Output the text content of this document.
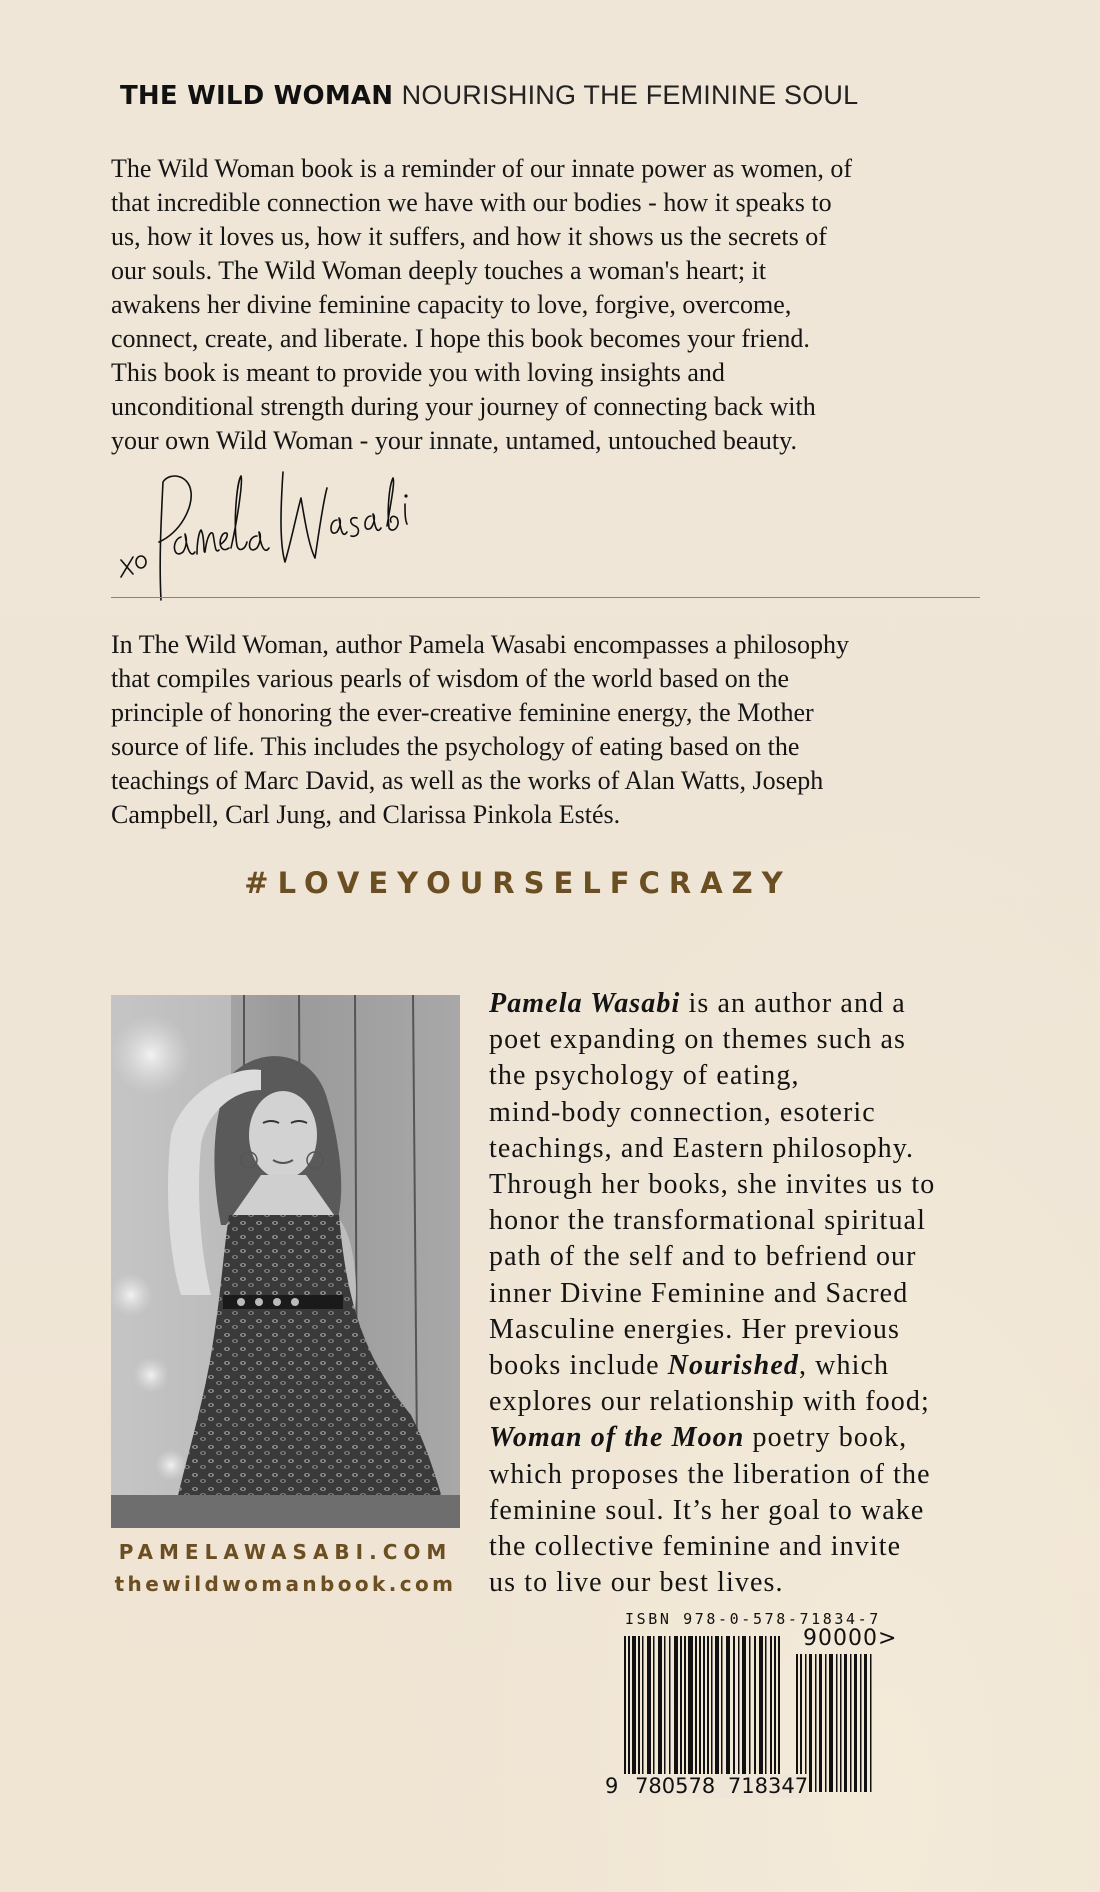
THE WILD WOMAN NOURISHING THE FEMININE SOUL
The Wild Woman book is a reminder of our innate power as women, of
that incredible connection we have with our bodies - how it speaks to
us, how it loves us, how it suffers, and how it shows us the secrets of
our souls. The Wild Woman deeply touches a woman's heart; it
awakens her divine feminine capacity to love, forgive, overcome,
connect, create, and liberate. I hope this book becomes your friend.
This book is meant to provide you with loving insights and
unconditional strength during your journey of connecting back with
your own Wild Woman - your innate, untamed, untouched beauty.
In The Wild Woman, author Pamela Wasabi encompasses a philosophy
that compiles various pearls of wisdom of the world based on the
principle of honoring the ever-creative feminine energy, the Mother
source of life. This includes the psychology of eating based on the
teachings of Marc David, as well as the works of Alan Watts, Joseph
Campbell, Carl Jung, and Clarissa Pinkola Estés.
#LOVEYOURSELFCRAZY
PAMELAWASABI.COM
thewildwomanbook.com
Pamela Wasabi is an author and a
poet expanding on themes such as
the psychology of eating,
mind-body connection, esoteric
teachings, and Eastern philosophy.
Through her books, she invites us to
honor the transformational spiritual
path of the self and to befriend our
inner Divine Feminine and Sacred
Masculine energies. Her previous
books include Nourished, which
explores our relationship with food;
Woman of the Moon poetry book,
which proposes the liberation of the
feminine soul. It’s her goal to wake
the collective feminine and invite
us to live our best lives.
ISBN 978-0-578-71834-7
90000>
9 780578 718347
